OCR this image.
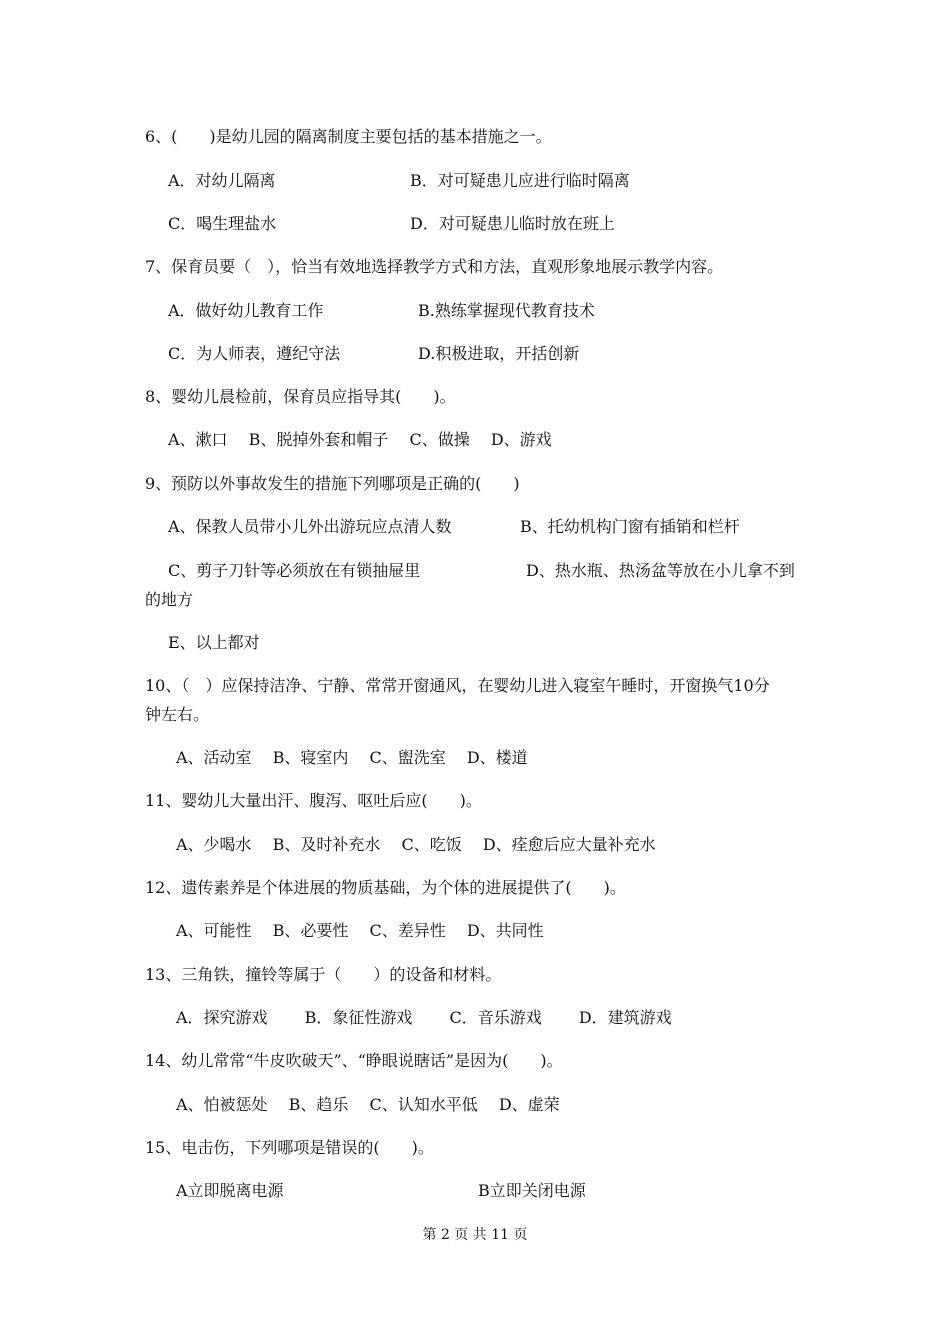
6、(　　)是幼儿园的隔离制度主要包括的基本措施之一。
A．对幼儿隔离	B．对可疑患儿应进行临时隔离
C．喝生理盐水	D．对可疑患儿临时放在班上
7、保育员要（　），恰当有效地选择教学方式和方法，直观形象地展示教学内容。
A．做好幼儿教育工作	B.熟练掌握现代教育技术
C．为人师表，遵纪守法	D.积极进取，开括创新
8、婴幼儿晨检前，保育员应指导其(　　)。
A、漱口　 B、脱掉外套和帽子　 C、做操　 D、游戏
9、预防以外事故发生的措施下列哪项是正确的(　　)
A、保教人员带小儿外出游玩应点清人数	B、托幼机构门窗有插销和栏杆
C、剪子刀针等必须放在有锁抽屉里	D、热水瓶、热汤盆等放在小儿拿不到
的地方
E、以上都对
10、（　）应保持洁净、宁静、常常开窗通风，在婴幼儿进入寝室午睡时，开窗换气10分
钟左右。
A、活动室　 B、寝室内　 C、盥洗室　 D、楼道
11、婴幼儿大量出汗、腹泻、呕吐后应(　　)。
A、少喝水　 B、及时补充水　 C、吃饭　 D、痊愈后应大量补充水
12、遗传素养是个体进展的物质基础，为个体的进展提供了(　　)。
A、可能性　 B、必要性　 C、差异性　 D、共同性
13、三角铁，撞铃等属于（　　）的设备和材料。
A．探究游戏　　 B．象征性游戏　　 C．音乐游戏　　 D．建筑游戏
14、幼儿常常“牛皮吹破天”、“睁眼说瞎话”是因为(　　)。
A、怕被惩处　 B、趋乐　 C、认知水平低　 D、虚荣
15、电击伤，下列哪项是错误的(　　)。
A立即脱离电源	B立即关闭电源
第 2 页 共 11 页
